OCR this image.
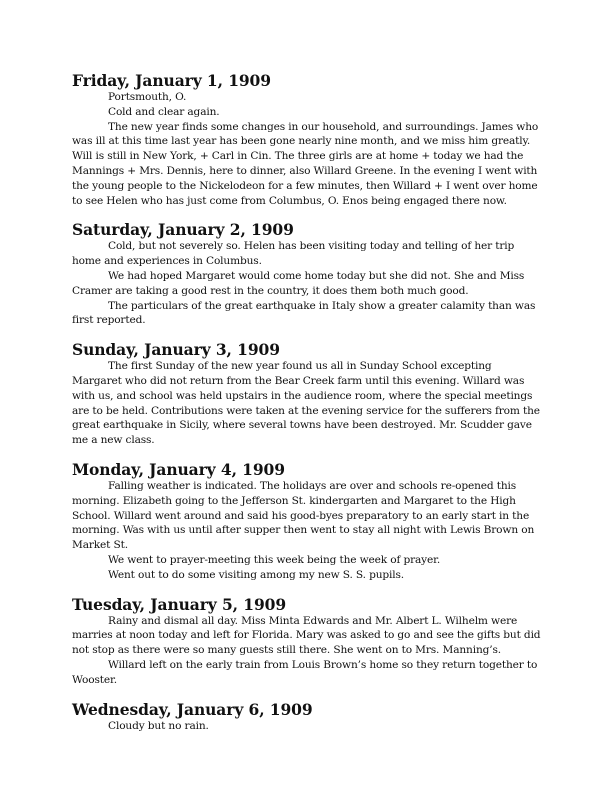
Friday, January 1, 1909

Portsmouth, O.

Cold and clear again.

The new year finds some changes in our household, and surroundings. James who was ill at this time last year has been gone nearly nine month, and we miss him greatly. Will is still in New York, + Carl in Cin. The three girls are at home + today we had the Mannings + Mrs. Dennis, here to dinner, also Willard Greene. In the evening I went with the young people to the Nickelodeon for a few minutes, then Willard + I went over home to see Helen who has just come from Columbus, O. Enos being engaged there now.

Saturday, January 2, 1909

Cold, but not severely so. Helen has been visiting today and telling of her trip home and experiences in Columbus.

We had hoped Margaret would come home today but she did not. She and Miss Cramer are taking a good rest in the country, it does them both much good.

The particulars of the great earthquake in Italy show a greater calamity than was first reported.

Sunday, January 3, 1909

The first Sunday of the new year found us all in Sunday School excepting Margaret who did not return from the Bear Creek farm until this evening. Willard was with us, and school was held upstairs in the audience room, where the special meetings are to be held. Contributions were taken at the evening service for the sufferers from the great earthquake in Sicily, where several towns have been destroyed. Mr. Scudder gave me a new class.

Monday, January 4, 1909

Falling weather is indicated. The holidays are over and schools re-opened this morning. Elizabeth going to the Jefferson St. kindergarten and Margaret to the High School. Willard went around and said his good-byes preparatory to an early start in the morning. Was with us until after supper then went to stay all night with Lewis Brown on Market St.

We went to prayer-meeting this week being the week of prayer.

Went out to do some visiting among my new S. S. pupils.

Tuesday, January 5, 1909

Rainy and dismal all day. Miss Minta Edwards and Mr. Albert L. Wilhelm were marries at noon today and left for Florida. Mary was asked to go and see the gifts but did not stop as there were so many guests still there. She went on to Mrs. Manning’s.

Willard left on the early train from Louis Brown’s home so they return together to Wooster.

Wednesday, January 6, 1909

Cloudy but no rain.
